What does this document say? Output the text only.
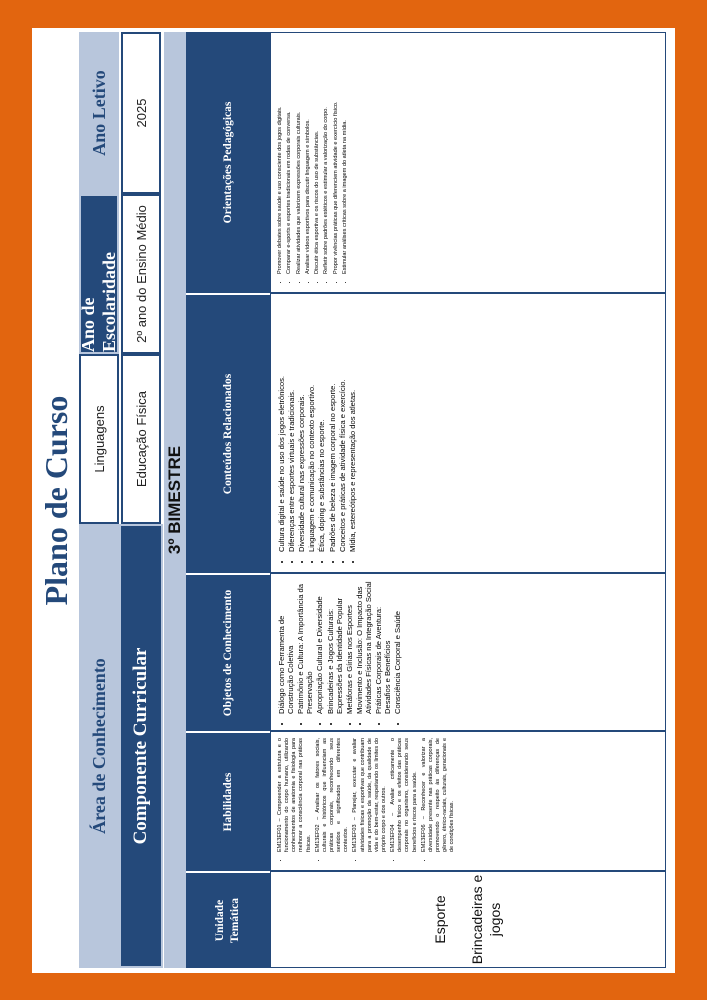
Plano de Curso
Área de Conhecimento
Linguagens
Ano de Escolaridade
Ano Letivo
Componente Curricular
Educação Física
2º ano do Ensino Médio
2025
3º BIMESTRE
Unidade Temática
Habilidades
Objetos de Conhecimento
Conteúdos Relacionados
Orientações Pedagógicas
Esporte Brincadeiras e jogos
• EM13EF01 – Compreender a estrutura e o funcionamento do corpo humano, utilizando conhecimentos de anatomia e fisiologia para melhorar a consciência corporal nas práticas físicas. • EM13EF02 – Analisar os fatores sociais, culturais e históricos que influenciam as práticas corporais, reconhecendo seus sentidos e significados em diferentes contextos. • EM13EF03 – Planejar, executar e avaliar atividades físicas e esportivas que contribuam para a promoção da saúde, da qualidade de vida e do bem-estar, respeitando os limites do próprio corpo e dos outros. • EM13EF04 – Avaliar criticamente o desempenho físico e os efeitos das práticas corporais no organismo, considerando seus benefícios e riscos para a saúde. • EM13EF06 – Reconhecer e valorizar a diversidade presente nas práticas corporais, promovendo o respeito às diferenças de gênero, étnico-raciais, culturais, geracionais e de condições físicas.
• Diálogo como Ferramenta de Construção Coletiva • Patrimônio e Cultura: A Importância da Preservação • Apropriação Cultural e Diversidade • Brincadeiras e Jogos Culturais: Expressões da Identidade Popular • Metáforas e Gírias nos Esportes • Movimento e Inclusão: O Impacto das Atividades Físicas na Integração Social • Práticas Corporais de Aventura: Desafios e Benefícios • Consciência Corporal e Saúde
• Cultura digital e saúde no uso dos jogos eletrônicos. • Diferenças entre esportes virtuais e tradicionais. • Diversidade cultural nas expressões corporais. • Linguagem e comunicação no contexto esportivo. • Ética, doping e substâncias no esporte. • Padrões de beleza e imagem corporal no esporte. • Conceitos e práticas de atividade física e exercício. • Mídia, estereótipos e representação dos atletas.
• Promover debates sobre saúde e uso consciente dos jogos digitais. • Comparar e-sports e esportes tradicionais em rodas de conversa. • Realizar atividades que valorizem expressões corporais culturais. • Analisar vídeos esportivos para discutir linguagem e símbolos. • Discutir ética esportiva e os riscos do uso de substâncias. • Refletir sobre padrões estéticos e estimular a valorização do corpo. • Propor vivências práticas que diferenciem atividade e exercício físico. • Estimular análises críticas sobre a imagem do atleta na mídia.
